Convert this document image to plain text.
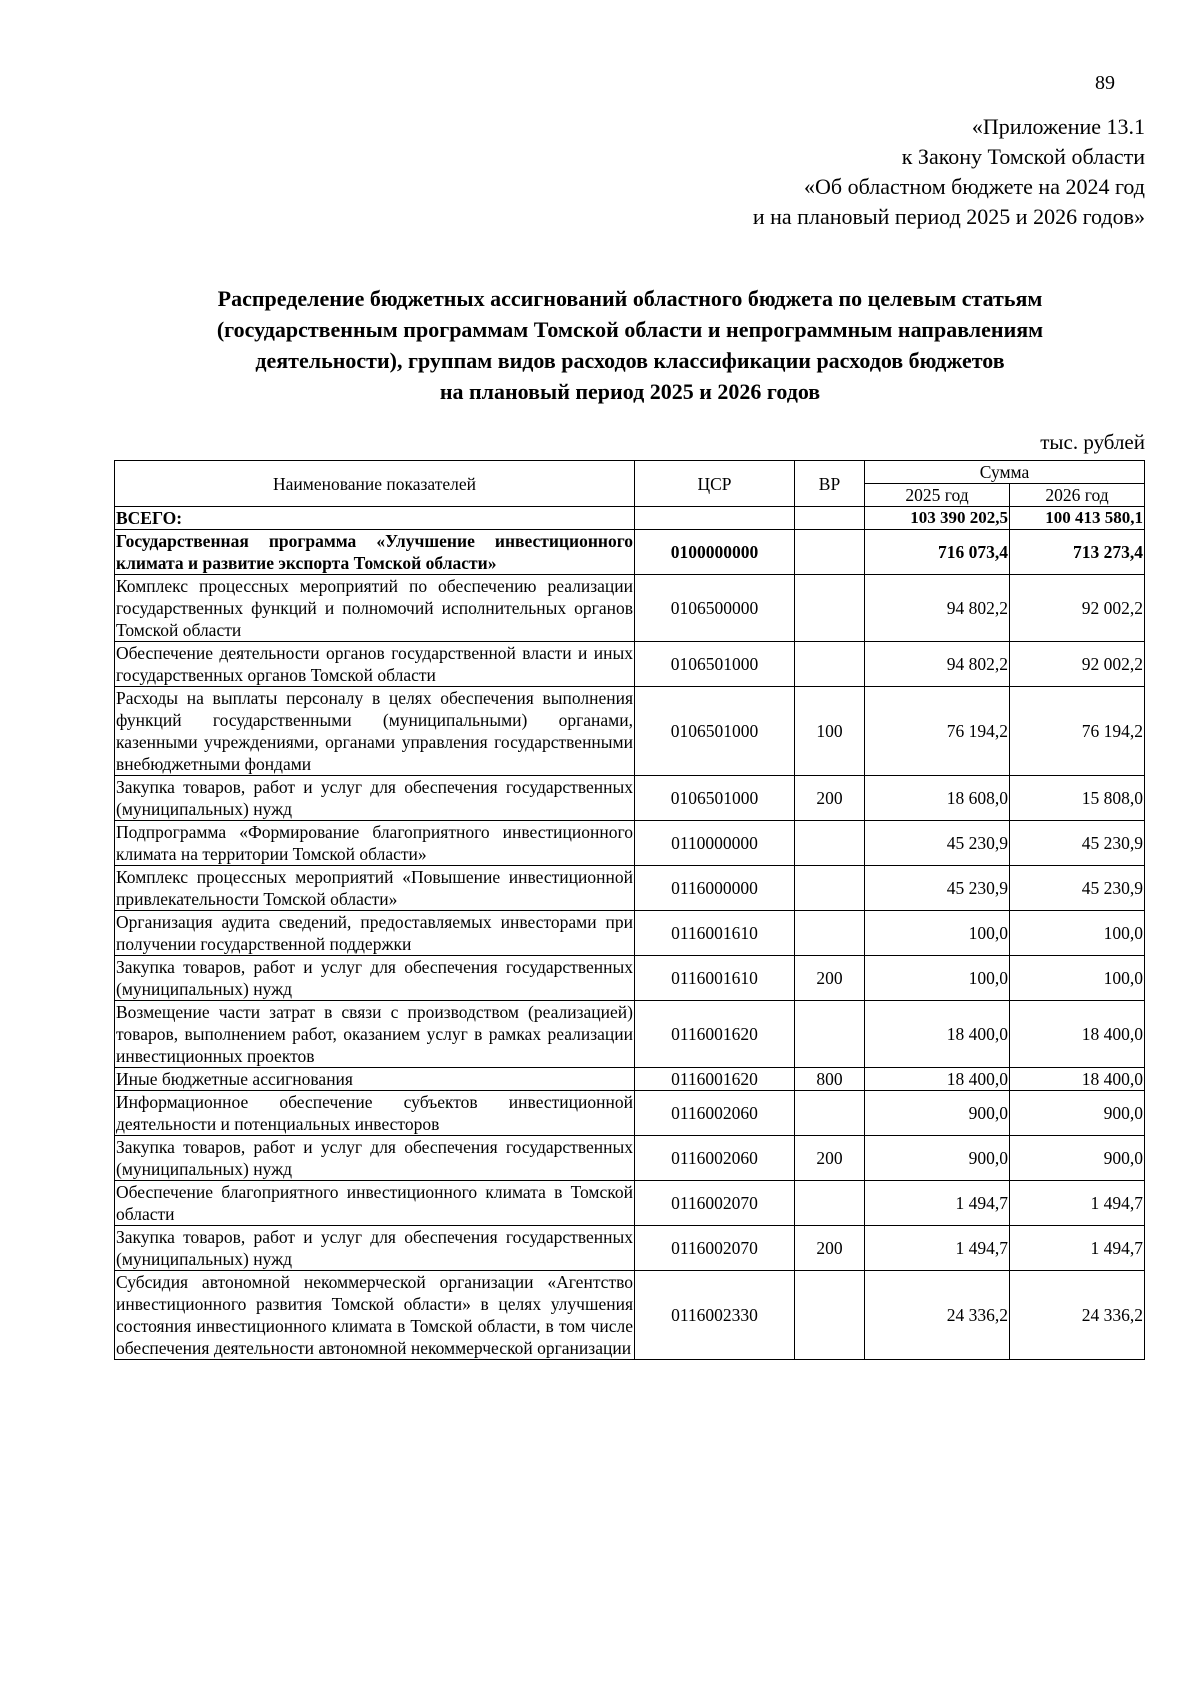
89
«Приложение 13.1
к Закону Томской области
«Об областном бюджете на 2024 год
и на плановый период 2025 и 2026 годов»
Распределение бюджетных ассигнований областного бюджета по целевым статьям
(государственным программам Томской области и непрограммным направлениям
деятельности), группам видов расходов классификации расходов бюджетов
на плановый период 2025 и 2026 годов
тыс. рублей
Наименование показателей	ЦСР	ВР	Сумма	
			2025 год	2026 год
ВСЕГО:			103 390 202,5	100 413 580,1
Государственная программа «Улучшение инвестиционного климата и развитие экспорта Томской области»	0100000000		716 073,4	713 273,4
Комплекс процессных мероприятий по обеспечению реализации государственных функций и полномочий исполнительных органов Томской области	0106500000		94 802,2	92 002,2
Обеспечение деятельности органов государственной власти и иных государственных органов Томской области	0106501000		94 802,2	92 002,2
Расходы на выплаты персоналу в целях обеспечения выполнения функций государственными (муниципальными) органами, казенными учреждениями, органами управления государственными внебюджетными фондами	0106501000	100	76 194,2	76 194,2
Закупка товаров, работ и услуг для обеспечения государственных (муниципальных) нужд	0106501000	200	18 608,0	15 808,0
Подпрограмма «Формирование благоприятного инвестиционного климата на территории Томской области»	0110000000		45 230,9	45 230,9
Комплекс процессных мероприятий «Повышение инвестиционной привлекательности Томской области»	0116000000		45 230,9	45 230,9
Организация аудита сведений, предоставляемых инвесторами при получении государственной поддержки	0116001610		100,0	100,0
Закупка товаров, работ и услуг для обеспечения государственных (муниципальных) нужд	0116001610	200	100,0	100,0
Возмещение части затрат в связи с производством (реализацией) товаров, выполнением работ, оказанием услуг в рамках реализации инвестиционных проектов	0116001620		18 400,0	18 400,0
Иные бюджетные ассигнования	0116001620	800	18 400,0	18 400,0
Информационное обеспечение субъектов инвестиционной деятельности и потенциальных инвесторов	0116002060		900,0	900,0
Закупка товаров, работ и услуг для обеспечения государственных (муниципальных) нужд	0116002060	200	900,0	900,0
Обеспечение благоприятного инвестиционного климата в Томской области	0116002070		1 494,7	1 494,7
Закупка товаров, работ и услуг для обеспечения государственных (муниципальных) нужд	0116002070	200	1 494,7	1 494,7
Субсидия автономной некоммерческой организации «Агентство инвестиционного развития Томской области» в целях улучшения состояния инвестиционного климата в Томской области, в том числе обеспечения деятельности автономной некоммерческой организации	0116002330		24 336,2	24 336,2
